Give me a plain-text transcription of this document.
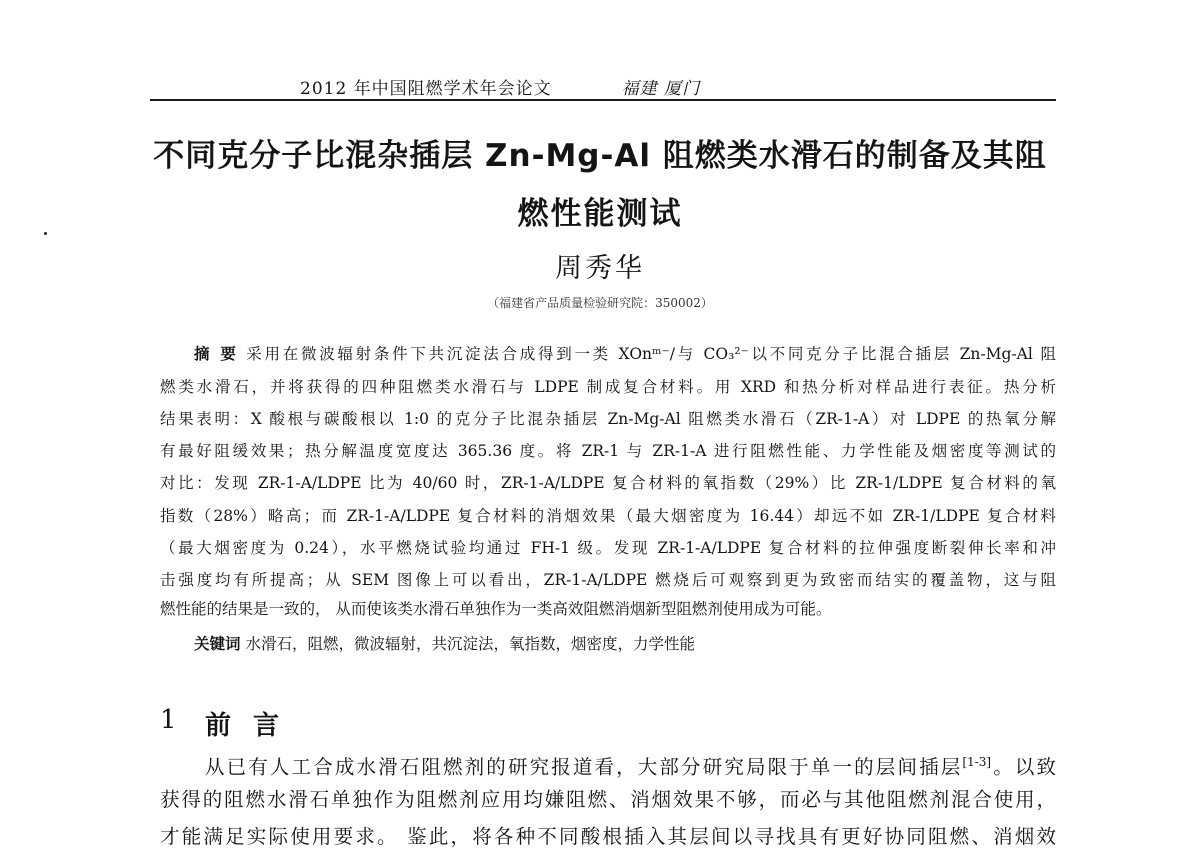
2012 年中国阻燃学术年会论文	福建 厦门
不同克分子比混杂插层 Zn-Mg-Al 阻燃类水滑石的制备及其阻
燃性能测试
周秀华
（福建省产品质量检验研究院：350002）
摘 要 采用在微波辐射条件下共沉淀法合成得到一类 XOnᵐ⁻/与 CO₃²⁻以不同克分子比混合插层 Zn-Mg-Al 阻
燃类水滑石，并将获得的四种阻燃类水滑石与 LDPE 制成复合材料。用 XRD 和热分析对样品进行表征。热分析
结果表明：X 酸根与碳酸根以 1:0 的克分子比混杂插层 Zn-Mg-Al 阻燃类水滑石（ZR-1-A）对 LDPE 的热氧分解
有最好阻缓效果；热分解温度宽度达 365.36 度。将 ZR-1 与 ZR-1-A 进行阻燃性能、力学性能及烟密度等测试的
对比：发现 ZR-1-A/LDPE 比为 40/60 时，ZR-1-A/LDPE 复合材料的氧指数（29%）比 ZR-1/LDPE 复合材料的氧
指数（28%）略高；而 ZR-1-A/LDPE 复合材料的消烟效果（最大烟密度为 16.44）却远不如 ZR-1/LDPE 复合材料
（最大烟密度为 0.24），水平燃烧试验均通过 FH-1 级。发现 ZR-1-A/LDPE 复合材料的拉伸强度断裂伸长率和冲
击强度均有所提高；从 SEM 图像上可以看出，ZR-1-A/LDPE 燃烧后可观察到更为致密而结实的覆盖物，这与阻
燃性能的结果是一致的， 从而使该类水滑石单独作为一类高效阻燃消烟新型阻燃剂使用成为可能。
关键词 水滑石，阻燃，微波辐射，共沉淀法，氧指数，烟密度，力学性能
1 前言
从已有人工合成水滑石阻燃剂的研究报道看，大部分研究局限于单一的层间插层[1-3]。以致
获得的阻燃水滑石单独作为阻燃剂应用均嫌阻燃、消烟效果不够，而必与其他阻燃剂混合使用，
才能满足实际使用要求。 鉴此，将各种不同酸根插入其层间以寻找具有更好协同阻燃、消烟效
